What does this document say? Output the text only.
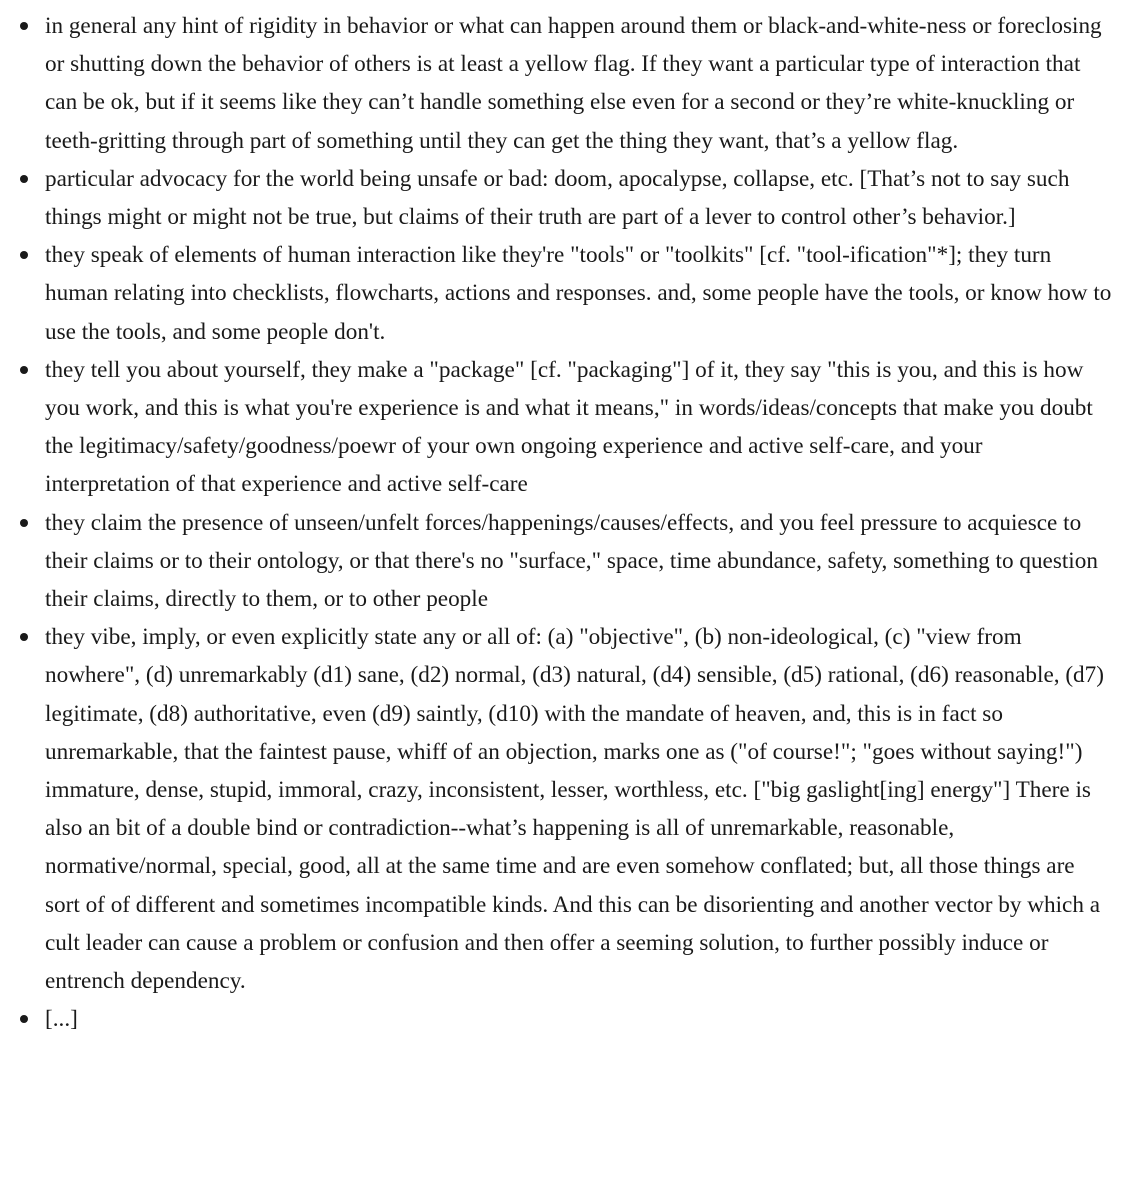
in general any hint of rigidity in behavior or what can happen around them or black-and-white-ness or foreclosing or shutting down the behavior of others is at least a yellow flag. If they want a particular type of interaction that can be ok, but if it seems like they can’t handle something else even for a second or they’re white-knuckling or teeth-gritting through part of something until they can get the thing they want, that’s a yellow flag.
particular advocacy for the world being unsafe or bad: doom, apocalypse, collapse, etc. [That’s not to say such things might or might not be true, but claims of their truth are part of a lever to control other’s behavior.]
they speak of elements of human interaction like they're "tools" or "toolkits" [cf. "tool-ification"*]; they turn human relating into checklists, flowcharts, actions and responses. and, some people have the tools, or know how to use the tools, and some people don't.
they tell you about yourself, they make a "package" [cf. "packaging"] of it, they say "this is you, and this is how you work, and this is what you're experience is and what it means," in words/ideas/concepts that make you doubt the legitimacy/safety/goodness/poewr of your own ongoing experience and active self-care, and your interpretation of that experience and active self-care
they claim the presence of unseen/unfelt forces/happenings/causes/effects, and you feel pressure to acquiesce to their claims or to their ontology, or that there's no "surface," space, time abundance, safety, something to question their claims, directly to them, or to other people
they vibe, imply, or even explicitly state any or all of: (a) "objective", (b) non-ideological, (c) "view from nowhere", (d) unremarkably (d1) sane, (d2) normal, (d3) natural, (d4) sensible, (d5) rational, (d6) reasonable, (d7) legitimate, (d8) authoritative, even (d9) saintly, (d10) with the mandate of heaven, and, this is in fact so unremarkable, that the faintest pause, whiff of an objection, marks one as ("of course!"; "goes without saying!") immature, dense, stupid, immoral, crazy, inconsistent, lesser, worthless, etc. ["big gaslight[ing] energy"] There is also an bit of a double bind or contradiction--what’s happening is all of unremarkable, reasonable, normative/normal, special, good, all at the same time and are even somehow conflated; but, all those things are sort of of different and sometimes incompatible kinds. And this can be disorienting and another vector by which a cult leader can cause a problem or confusion and then offer a seeming solution, to further possibly induce or entrench dependency.
[...]
